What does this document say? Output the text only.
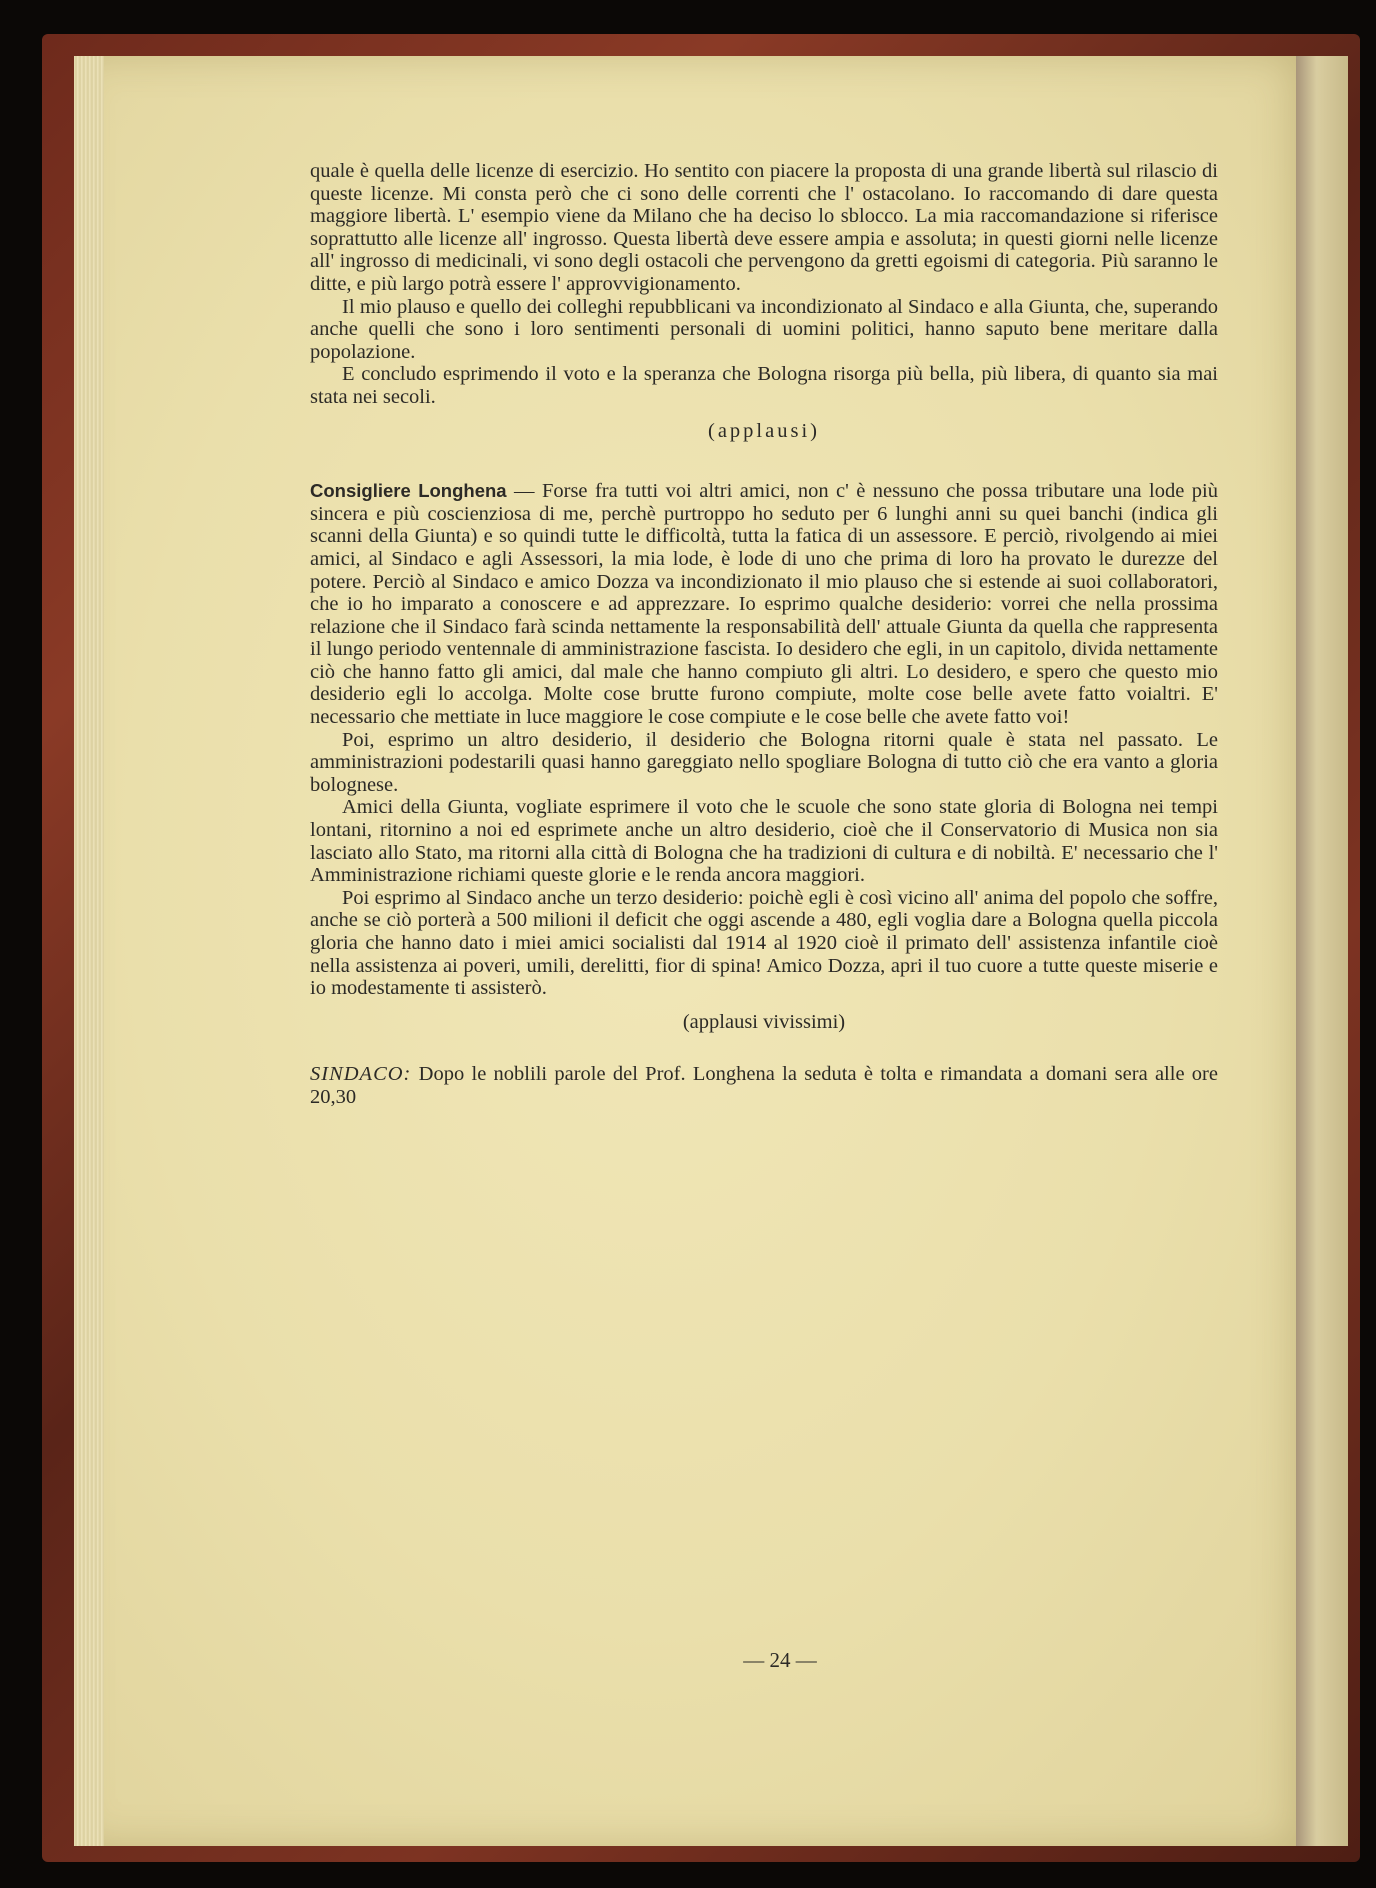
quale è quella delle licenze di esercizio. Ho sentito con piacere la proposta di una grande libertà sul rilascio di queste licenze. Mi consta però che ci sono delle correnti che l' ostacolano. Io raccomando di dare questa maggiore libertà. L' esempio viene da Milano che ha deciso lo sblocco. La mia raccomandazione si riferisce soprattutto alle licenze all' ingrosso. Questa libertà deve essere ampia e assoluta; in questi giorni nelle licenze all' ingrosso di medicinali, vi sono degli ostacoli che pervengono da gretti egoismi di categoria. Più saranno le ditte, e più largo potrà essere l' approvvigionamento.

Il mio plauso e quello dei colleghi repubblicani va incondizionato al Sindaco e alla Giunta, che, superando anche quelli che sono i loro sentimenti personali di uomini politici, hanno saputo bene meritare dalla popolazione.

E concludo esprimendo il voto e la speranza che Bologna risorga più bella, più libera, di quanto sia mai stata nei secoli.

(applausi)

Consigliere Longhena — Forse fra tutti voi altri amici, non c' è nessuno che possa tributare una lode più sincera e più coscienziosa di me, perchè purtroppo ho seduto per 6 lunghi anni su quei banchi (indica gli scanni della Giunta) e so quindi tutte le difficoltà, tutta la fatica di un assessore. E perciò, rivolgendo ai miei amici, al Sindaco e agli Assessori, la mia lode, è lode di uno che prima di loro ha provato le durezze del potere. Perciò al Sindaco e amico Dozza va incondizionato il mio plauso che si estende ai suoi collaboratori, che io ho imparato a conoscere e ad apprezzare. Io esprimo qualche desiderio: vorrei che nella prossima relazione che il Sindaco farà scinda nettamente la responsabilità dell' attuale Giunta da quella che rappresenta il lungo periodo ventennale di amministrazione fascista. Io desidero che egli, in un capitolo, divida nettamente ciò che hanno fatto gli amici, dal male che hanno compiuto gli altri. Lo desidero, e spero che questo mio desiderio egli lo accolga. Molte cose brutte furono compiute, molte cose belle avete fatto voialtri. E' necessario che mettiate in luce maggiore le cose compiute e le cose belle che avete fatto voi!

Poi, esprimo un altro desiderio, il desiderio che Bologna ritorni quale è stata nel passato. Le amministrazioni podestarili quasi hanno gareggiato nello spogliare Bologna di tutto ciò che era vanto a gloria bolognese.

Amici della Giunta, vogliate esprimere il voto che le scuole che sono state gloria di Bologna nei tempi lontani, ritornino a noi ed esprimete anche un altro desiderio, cioè che il Conservatorio di Musica non sia lasciato allo Stato, ma ritorni alla città di Bologna che ha tradizioni di cultura e di nobiltà. E' necessario che l' Amministrazione richiami queste glorie e le renda ancora maggiori.

Poi esprimo al Sindaco anche un terzo desiderio: poichè egli è così vicino all' anima del popolo che soffre, anche se ciò porterà a 500 milioni il deficit che oggi ascende a 480, egli voglia dare a Bologna quella piccola gloria che hanno dato i miei amici socialisti dal 1914 al 1920 cioè il primato dell' assistenza infantile cioè nella assistenza ai poveri, umili, derelitti, fior di spina! Amico Dozza, apri il tuo cuore a tutte queste miserie e io modestamente ti assisterò.

(applausi vivissimi)

SINDACO: Dopo le noblili parole del Prof. Longhena la seduta è tolta e rimandata a domani sera alle ore 20,30

— 24 —
